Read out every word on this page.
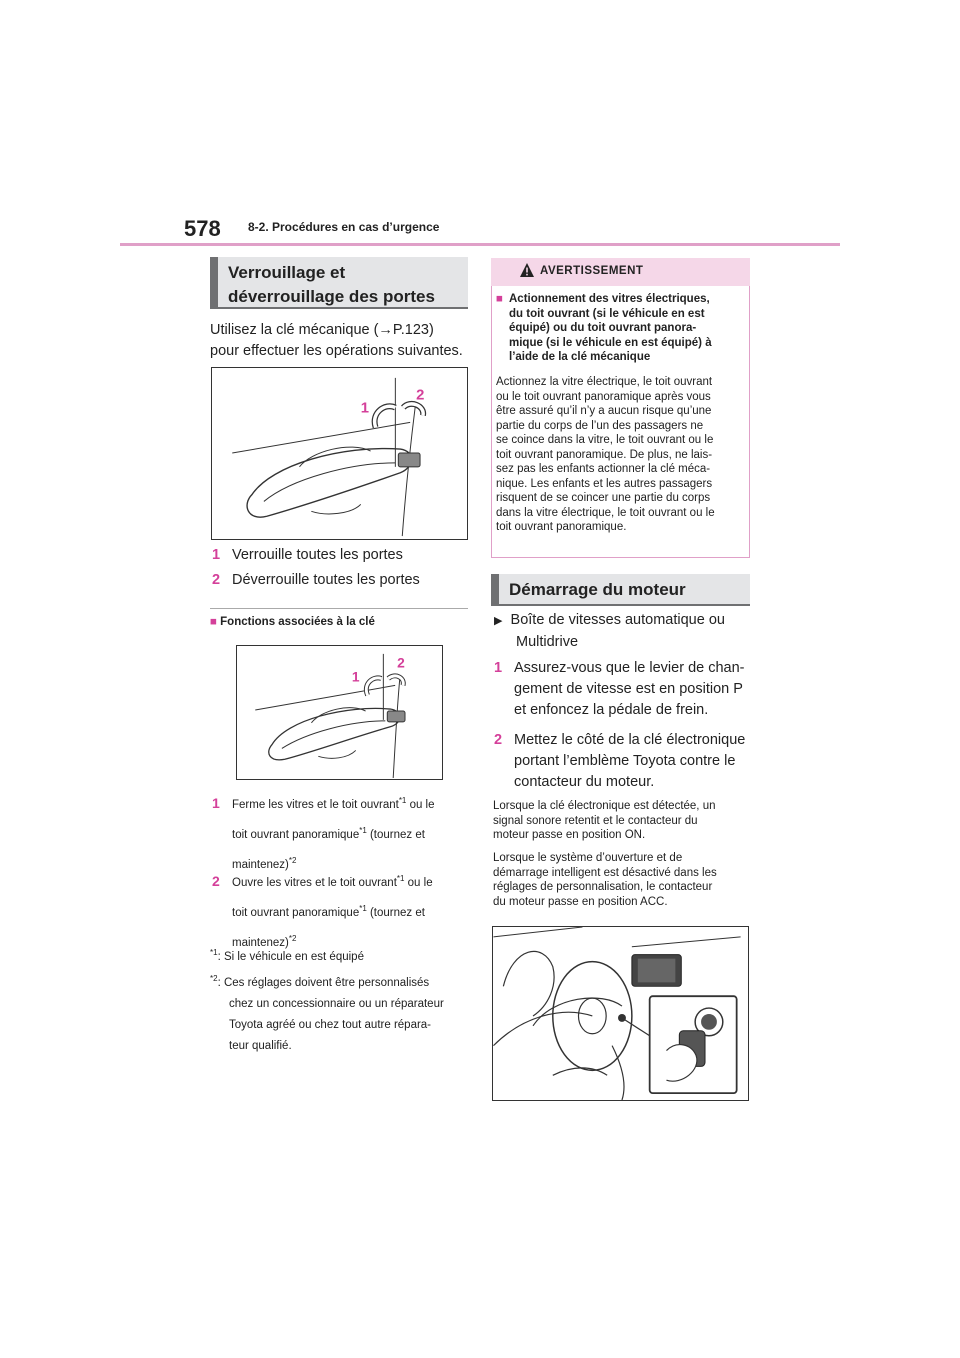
578 8-2. Procédures en cas d’urgence
Verrouillage et déverrouillage des portes
Utilisez la clé mécanique (→P.123)
pour effectuer les opérations suivantes.
1
2
1 Verrouille toutes les portes
2 Déverrouille toutes les portes
■ Fonctions associées à la clé
1
2
1 Ferme les vitres et le toit ouvrant$^{*1}$ ou le
toit ouvrant panoramique$^{*1}$ (tournez et
maintenez)$^{*2}$
2 Ouvre les vitres et le toit ouvrant$^{*1}$ ou le
toit ouvrant panoramique$^{*1}$ (tournez et
maintenez)$^{*2}$
$^{*1}$: Si le véhicule en est équipé
$^{*2}$: Ces réglages doivent être personnalisés
chez un concessionnaire ou un réparateur
Toyota agréé ou chez tout autre répara-
teur qualifié.
AVERTISSEMENT
■ Actionnement des vitres électriques,
du toit ouvrant (si le véhicule en est
équipé) ou du toit ouvrant panora-
mique (si le véhicule en est équipé) à
l’aide de la clé mécanique
Actionnez la vitre électrique, le toit ouvrant
ou le toit ouvrant panoramique après vous
être assuré qu’il n’y a aucun risque qu’une
partie du corps de l’un des passagers ne
se coince dans la vitre, le toit ouvrant ou le
toit ouvrant panoramique. De plus, ne lais-
sez pas les enfants actionner la clé méca-
nique. Les enfants et les autres passagers
risquent de se coincer une partie du corps
dans la vitre électrique, le toit ouvrant ou le
toit ouvrant panoramique.
Démarrage du moteur
▶ Boîte de vitesses automatique ou
Multidrive
1 Assurez-vous que le levier de chan-
gement de vitesse est en position P
et enfoncez la pédale de frein.
2 Mettez le côté de la clé électronique
portant l’emblème Toyota contre le
contacteur du moteur.
Lorsque la clé électronique est détectée, un
signal sonore retentit et le contacteur du
moteur passe en position ON.
Lorsque le système d’ouverture et de
démarrage intelligent est désactivé dans les
réglages de personnalisation, le contacteur
du moteur passe en position ACC.
